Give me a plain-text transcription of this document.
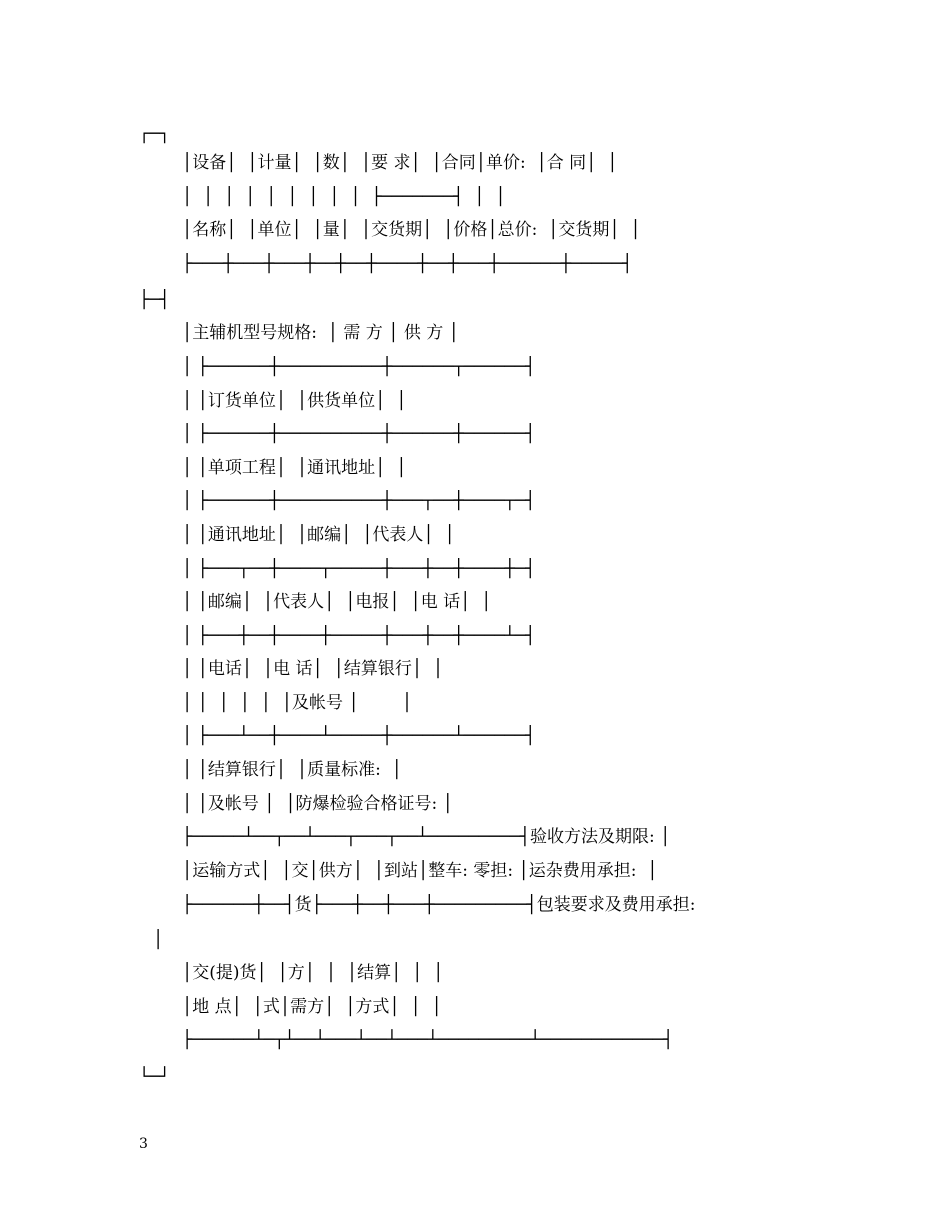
┌─┐
│设备│  │计量│  │数│  │要 求│  │合同│单价:  │合 同│  │
│  │  │  │  │  │  │  │  │  ├───────┤  │  │
│名称│  │单位│  │量│  │交货期│  │价格│总价:  │交货期│  │
├───┼───┼───┼──┼──┼────┼──┼───┼──────┼─────┤
├─┤
│主辅机型号规格:  │ 需 方 │ 供 方 │
│ ├──────┼──────────┼──────┬──────┤
│ │订货单位│  │供货单位│  │
│ ├──────┼──────────┼──────┼──────┤
│ │单项工程│  │通讯地址│  │
│ ├──────┼──────────┼───┬──┼────┬─┤
│ │通讯地址│  │邮编│  │代表人│  │
│ ├───┬──┼────┬─────┼───┼──┼────┼─┤
│ │邮编│  │代表人│  │电报│  │电 话│  │
│ ├───┼──┼────┼─────┼───┼──┼────┴─┤
│ │电话│  │电 话│  │结算银行│  │
│ │  │  │  │  │及帐号 │        │
│ ├───┴──┼────┴─────┼──────┴──────┤
│ │结算银行│  │质量标准:  │
│ │及帐号 │  │防爆检验合格证号: │
├─────┴──┬──┴───┬───┬──┴─────────┤验收方法及期限: │
│运输方式│  │交│供方│  │到站│整车: 零担: │运杂费用承担:  │
├──────┼──┤货├───┼──┼───┼─────────┤包装要求及费用承担:
│
│交(提)货│  │方│  │  │结算│  │  │
│地 点│  │式│需方│  │方式│  │  │
├──────┴─┬┴──┴───┴──┴───┴─────────┴────────────┤
└─┘
3
